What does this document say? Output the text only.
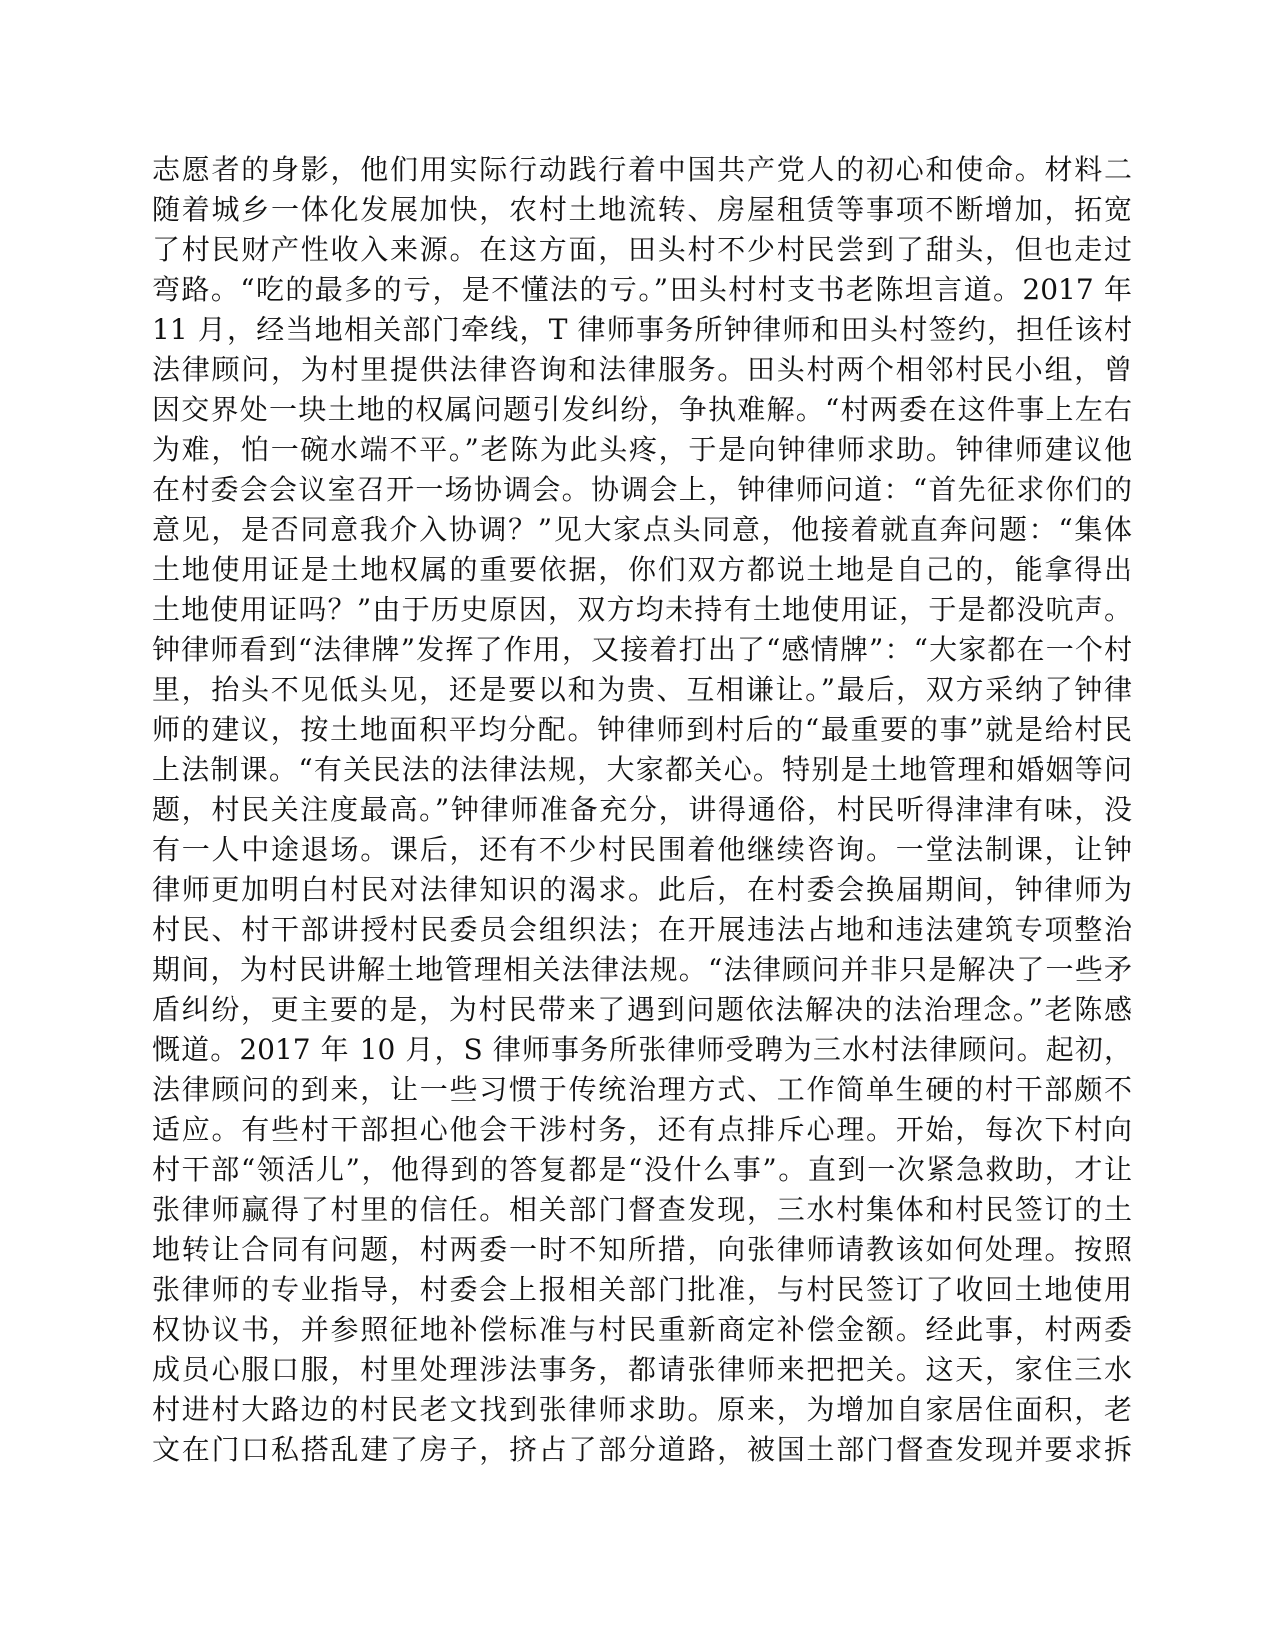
志愿者的身影，他们用实际行动践行着中国共产党人的初心和使命。材料二
随着城乡一体化发展加快，农村土地流转、房屋租赁等事项不断增加，拓宽
了村民财产性收入来源。在这方面，田头村不少村民尝到了甜头，但也走过
弯路。“吃的最多的亏，是不懂法的亏。”田头村村支书老陈坦言道。2017 年
11 月，经当地相关部门牵线，T 律师事务所钟律师和田头村签约，担任该村
法律顾问，为村里提供法律咨询和法律服务。田头村两个相邻村民小组，曾
因交界处一块土地的权属问题引发纠纷，争执难解。“村两委在这件事上左右
为难，怕一碗水端不平。”老陈为此头疼，于是向钟律师求助。钟律师建议他
在村委会会议室召开一场协调会。协调会上，钟律师问道：“首先征求你们的
意见，是否同意我介入协调？”见大家点头同意，他接着就直奔问题：“集体
土地使用证是土地权属的重要依据，你们双方都说土地是自己的，能拿得出
土地使用证吗？”由于历史原因，双方均未持有土地使用证，于是都没吭声。
钟律师看到“法律牌”发挥了作用，又接着打出了“感情牌”：“大家都在一个村
里，抬头不见低头见，还是要以和为贵、互相谦让。”最后，双方采纳了钟律
师的建议，按土地面积平均分配。钟律师到村后的“最重要的事”就是给村民
上法制课。“有关民法的法律法规，大家都关心。特别是土地管理和婚姻等问
题，村民关注度最高。”钟律师准备充分，讲得通俗，村民听得津津有味，没
有一人中途退场。课后，还有不少村民围着他继续咨询。一堂法制课，让钟
律师更加明白村民对法律知识的渴求。此后，在村委会换届期间，钟律师为
村民、村干部讲授村民委员会组织法；在开展违法占地和违法建筑专项整治
期间，为村民讲解土地管理相关法律法规。“法律顾问并非只是解决了一些矛
盾纠纷，更主要的是，为村民带来了遇到问题依法解决的法治理念。”老陈感
慨道。2017 年 10 月，S 律师事务所张律师受聘为三水村法律顾问。起初，
法律顾问的到来，让一些习惯于传统治理方式、工作简单生硬的村干部颇不
适应。有些村干部担心他会干涉村务，还有点排斥心理。开始，每次下村向
村干部“领活儿”，他得到的答复都是“没什么事”。直到一次紧急救助，才让
张律师赢得了村里的信任。相关部门督查发现，三水村集体和村民签订的土
地转让合同有问题，村两委一时不知所措，向张律师请教该如何处理。按照
张律师的专业指导，村委会上报相关部门批准，与村民签订了收回土地使用
权协议书，并参照征地补偿标准与村民重新商定补偿金额。经此事，村两委
成员心服口服，村里处理涉法事务，都请张律师来把把关。这天，家住三水
村进村大路边的村民老文找到张律师求助。原来，为增加自家居住面积，老
文在门口私搭乱建了房子，挤占了部分道路，被国土部门督查发现并要求拆
